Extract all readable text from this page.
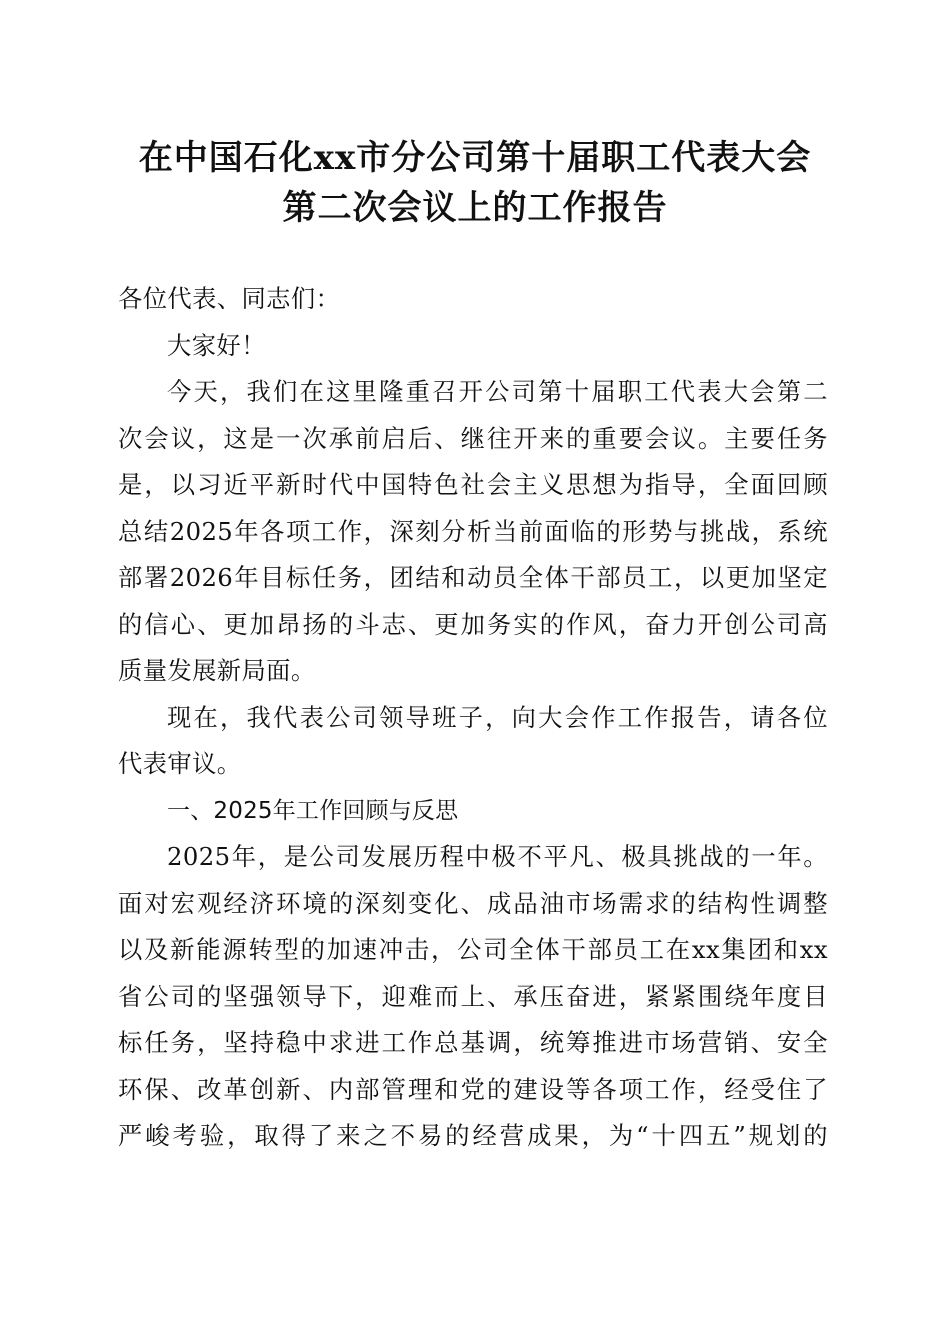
在中国石化xx市分公司第十届职工代表大会
第二次会议上的工作报告

各位代表、同志们：

大家好！

今天，我们在这里隆重召开公司第十届职工代表大会第二
次会议，这是一次承前启后、继往开来的重要会议。主要任务
是，以习近平新时代中国特色社会主义思想为指导，全面回顾
总结2025年各项工作，深刻分析当前面临的形势与挑战，系统
部署2026年目标任务，团结和动员全体干部员工，以更加坚定
的信心、更加昂扬的斗志、更加务实的作风，奋力开创公司高
质量发展新局面。
现在，我代表公司领导班子，向大会作工作报告，请各位
代表审议。
一、2025年工作回顾与反思
2025年，是公司发展历程中极不平凡、极具挑战的一年。
面对宏观经济环境的深刻变化、成品油市场需求的结构性调整
以及新能源转型的加速冲击，公司全体干部员工在xx集团和xx
省公司的坚强领导下，迎难而上、承压奋进，紧紧围绕年度目
标任务，坚持稳中求进工作总基调，统筹推进市场营销、安全
环保、改革创新、内部管理和党的建设等各项工作，经受住了
严峻考验，取得了来之不易的经营成果，为“十四五”规划的
